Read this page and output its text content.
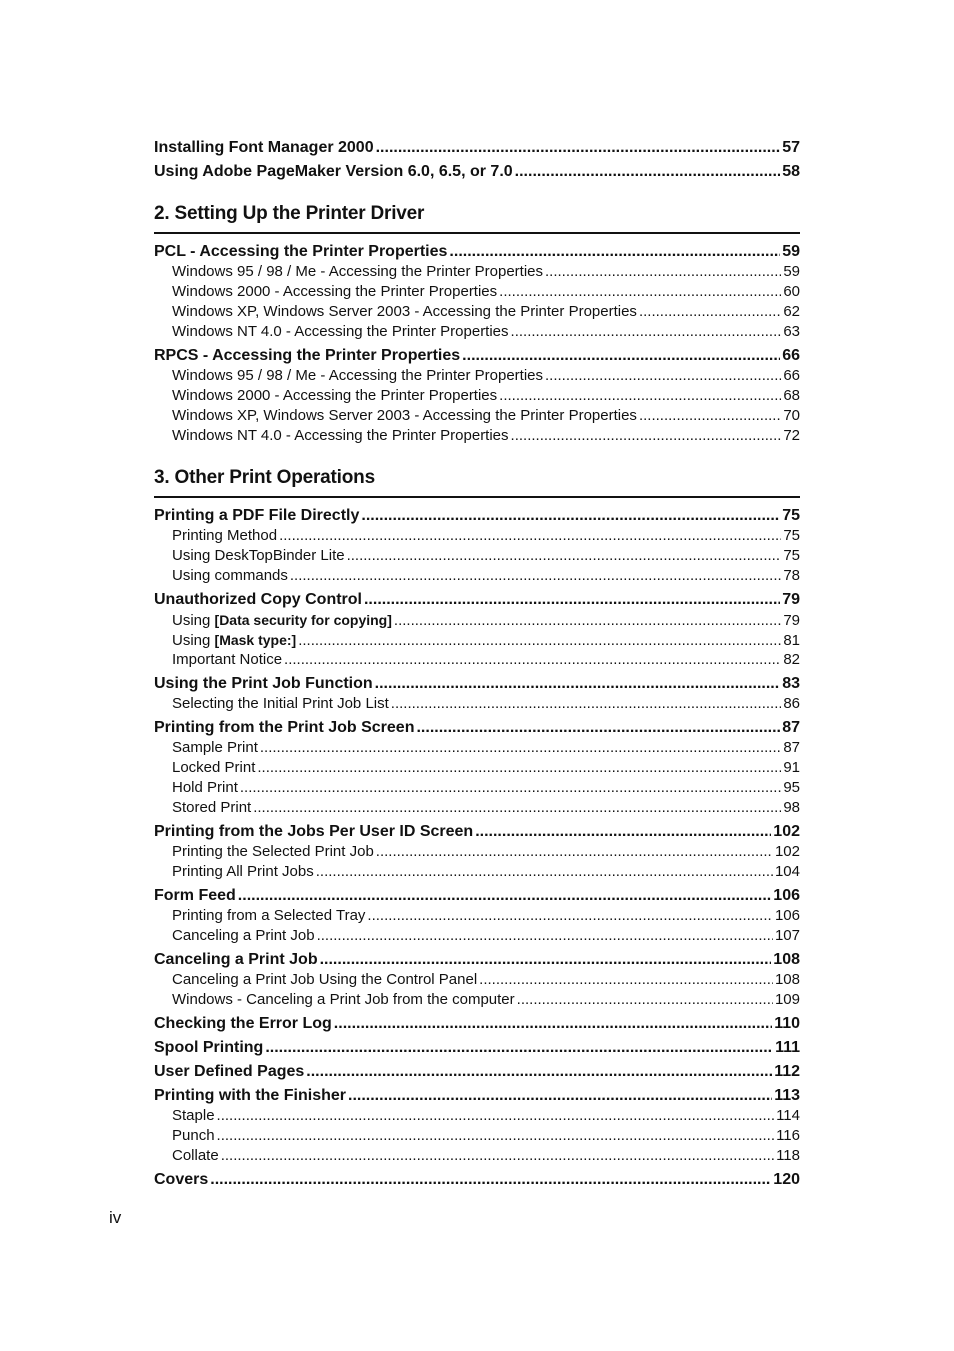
Installing Font Manager 2000 .....	57
Using Adobe PageMaker Version 6.0, 6.5, or 7.0 .....	58
2. Setting Up the Printer Driver
PCL - Accessing the Printer Properties .....	59
Windows 95 / 98 / Me - Accessing the Printer Properties .....	59
Windows 2000 - Accessing the Printer Properties .....	60
Windows XP, Windows Server 2003 - Accessing the Printer Properties .....	62
Windows NT 4.0 - Accessing the Printer Properties .....	63
RPCS - Accessing the Printer Properties .....	66
Windows 95 / 98 / Me - Accessing the Printer Properties .....	66
Windows 2000 - Accessing the Printer Properties .....	68
Windows XP, Windows Server 2003 - Accessing the Printer Properties .....	70
Windows NT 4.0 - Accessing the Printer Properties .....	72
3. Other Print Operations
Printing a PDF File Directly .....	75
Printing Method .....	75
Using DeskTopBinder Lite .....	75
Using commands .....	78
Unauthorized Copy Control .....	79
Using [Data security for copying] .....	79
Using [Mask type:] .....	81
Important Notice .....	82
Using the Print Job Function .....	83
Selecting the Initial Print Job List .....	86
Printing from the Print Job Screen .....	87
Sample Print .....	87
Locked Print .....	91
Hold Print .....	95
Stored Print .....	98
Printing from the Jobs Per User ID Screen .....	102
Printing the Selected Print Job .....	102
Printing All Print Jobs .....	104
Form Feed .....	106
Printing from a Selected Tray .....	106
Canceling a Print Job .....	107
Canceling a Print Job .....	108
Canceling a Print Job Using the Control Panel .....	108
Windows - Canceling a Print Job from the computer .....	109
Checking the Error Log .....	110
Spool Printing .....	111
User Defined Pages .....	112
Printing with the Finisher .....	113
Staple .....	114
Punch .....	116
Collate .....	118
Covers .....	120
iv
